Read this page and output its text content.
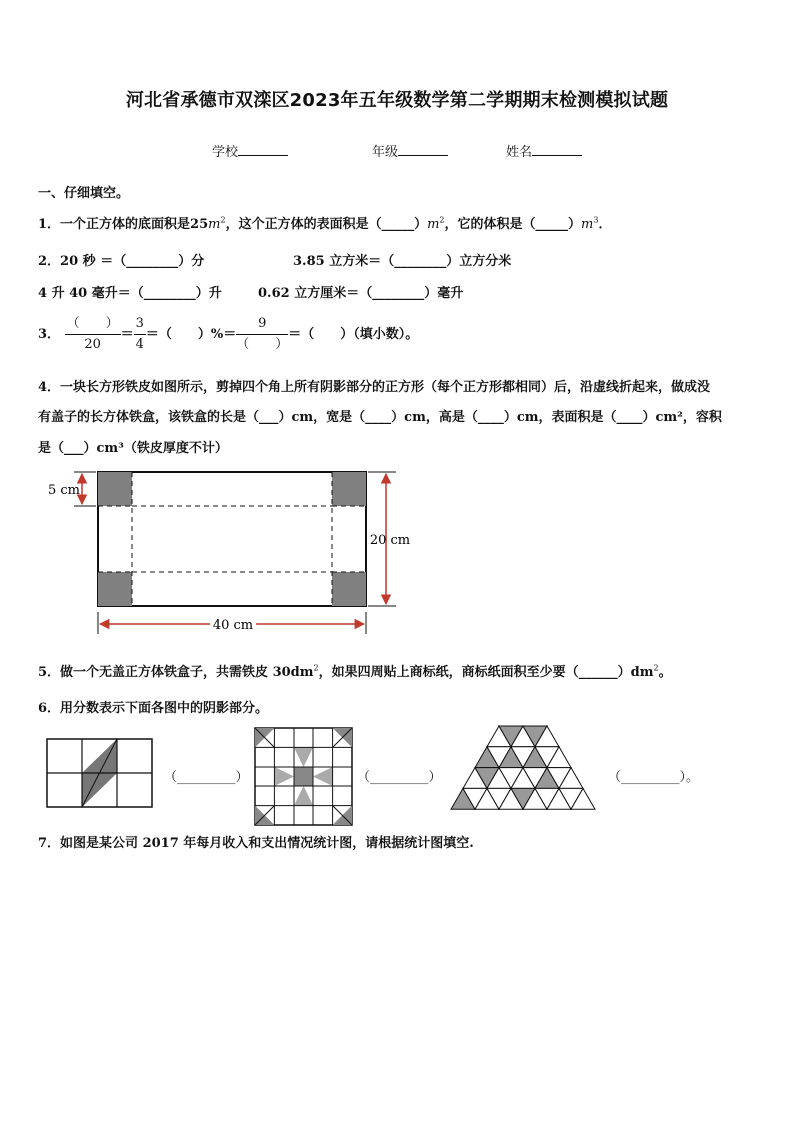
河北省承德市双滦区2023年五年级数学第二学期期末检测模拟试题
学校	年级	姓名
一、仔细填空。
1．一个正方体的底面积是$25m^2$，这个正方体的表面积是$(\_\_\_\_\_)m^2$，它的体积是$(\_\_\_\_\_)m^3$．
2．20 秒 ＝（________）分	3.85 立方米＝（________）立方分米
4 升 40 毫升＝（________）升	0.62 立方厘米＝（________）毫升
3． $\frac{( )}{20} = \frac{3}{4}$ ＝（　　）%＝ $\frac{9}{( )}$ ＝（　　）（填小数）。
4．一块长方形铁皮如图所示，剪掉四个角上所有阴影部分的正方形（每个正方形都相同）后，沿虚线折起来，做成没
有盖子的长方体铁盒，该铁盒的长是（___）cm，宽是（____）cm，高是（____）cm，表面积是（____）cm²，容积
是（___）cm³（铁皮厚度不计）
5 cm
20 cm
40 cm
5．做一个无盖正方体铁盒子，共需铁皮 $30dm^2$，如果四周贴上商标纸，商标纸面积至少要$(\_\_\_\_\_\_)dm^2$。
6．用分数表示下面各图中的阴影部分。
（_________）	（_________）	（_________）。
7．如图是某公司 2017 年每月收入和支出情况统计图，请根据统计图填空.
